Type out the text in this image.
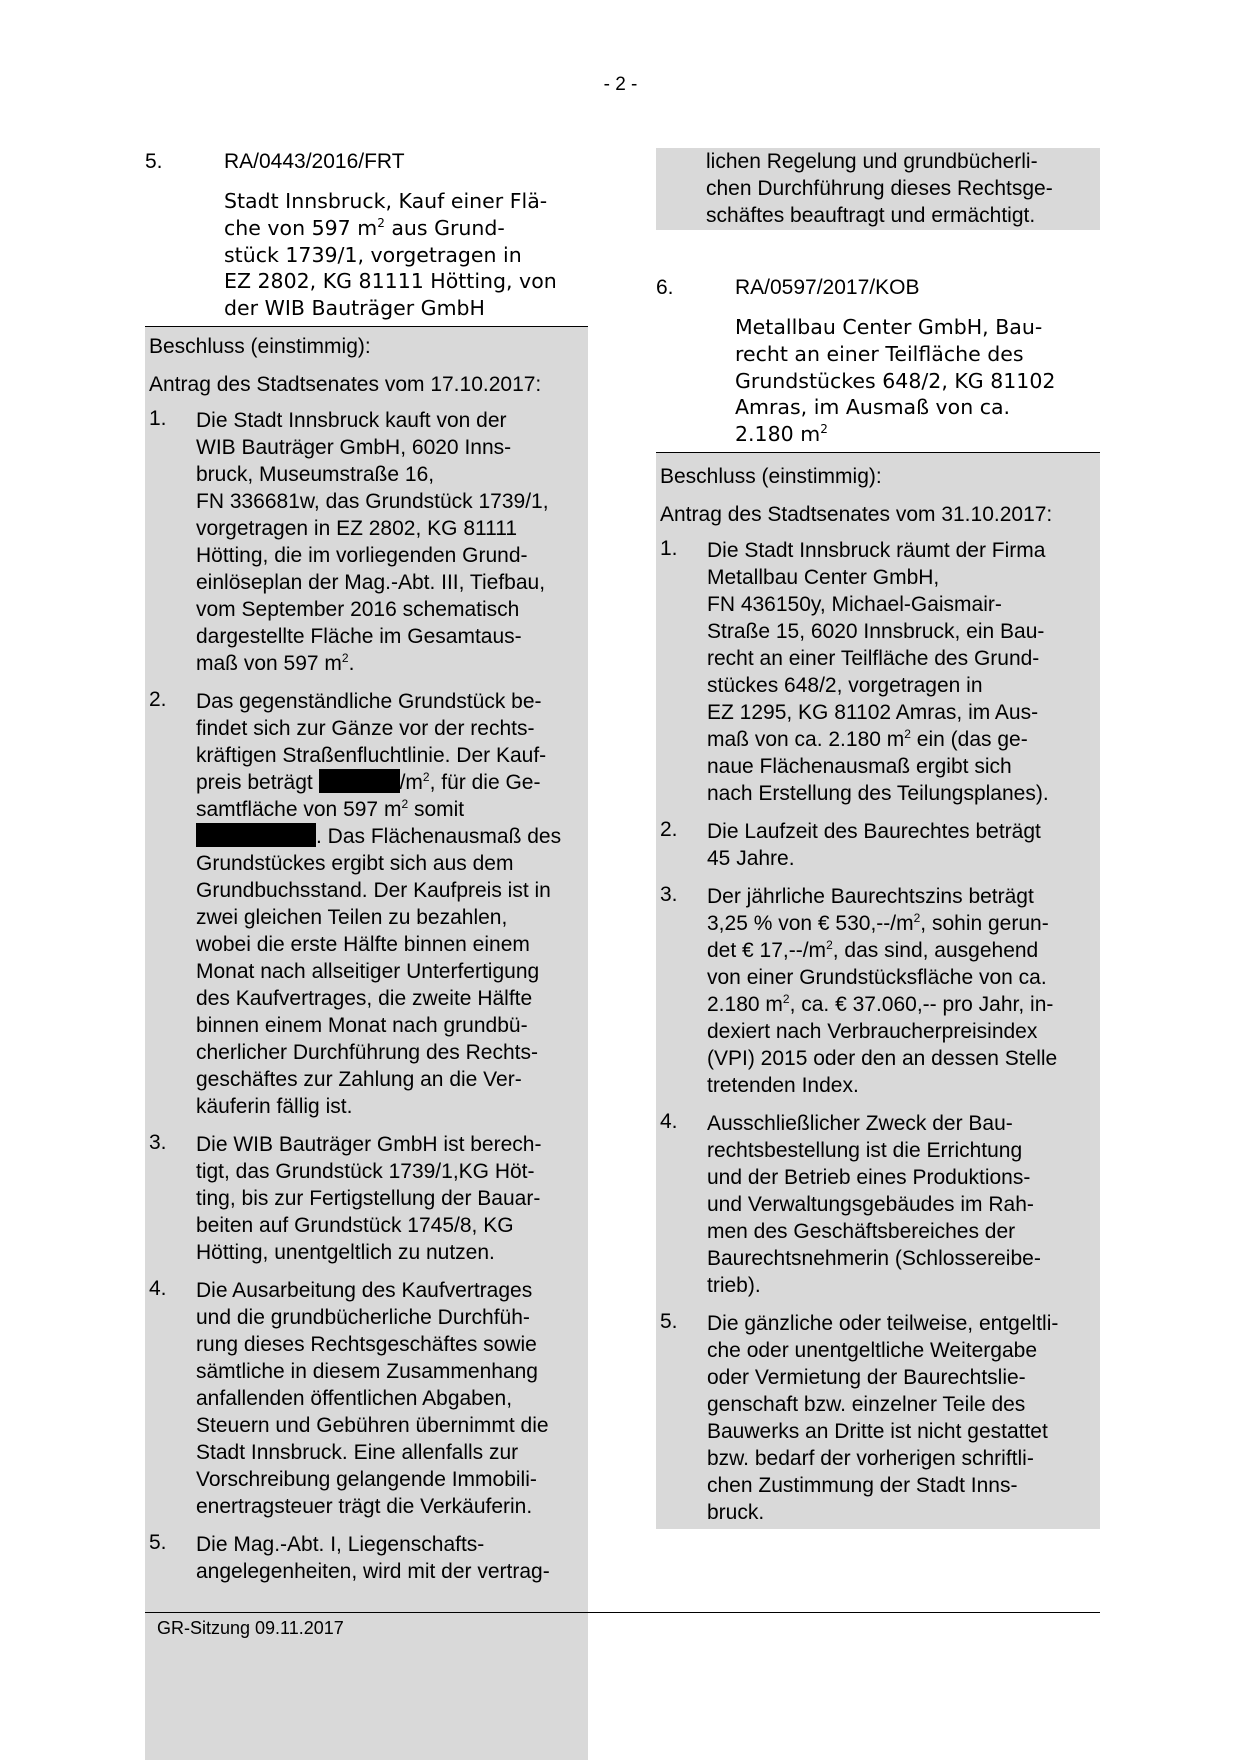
- 2 -
5.	RA/0443/2016/FRT
Stadt Innsbruck, Kauf einer Flä-
che von 597 $m^2$ aus Grund-
stück 1739/1, vorgetragen in
EZ 2802, KG 81111 Hötting, von
der WIB Bauträger GmbH

Beschluss (einstimmig):

Antrag des Stadtsenates vom 17.10.2017:

1.	Die Stadt Innsbruck kauft von der
WIB Bauträger GmbH, 6020 Inns-
bruck, Museumstraße 16,
FN 336681w, das Grundstück 1739/1,
vorgetragen in EZ 2802, KG 81111
Hötting, die im vorliegenden Grund-
einlöseplan der Mag.-Abt. III, Tiefbau,
vom September 2016 schematisch
dargestellte Fläche im Gesamtaus-
maß von 597 $m^2$.
2.	Das gegenständliche Grundstück be-
findet sich zur Gänze vor der rechts-
kräftigen Straßenfluchtlinie. Der Kauf-
preis beträgt	$/m^2$, für die Ge-
samtfläche von 597 $m^2$ somit
. Das Flächenausmaß des
Grundstückes ergibt sich aus dem
Grundbuchsstand. Der Kaufpreis ist in
zwei gleichen Teilen zu bezahlen,
wobei die erste Hälfte binnen einem
Monat nach allseitiger Unterfertigung
des Kaufvertrages, die zweite Hälfte
binnen einem Monat nach grundbü-
cherlicher Durchführung des Rechts-
geschäftes zur Zahlung an die Ver-
käuferin fällig ist.
3.	Die WIB Bauträger GmbH ist berech-
tigt, das Grundstück 1739/1,KG Höt-
ting, bis zur Fertigstellung der Bauar-
beiten auf Grundstück 1745/8, KG
Hötting, unentgeltlich zu nutzen.
4.	Die Ausarbeitung des Kaufvertrages
und die grundbücherliche Durchfüh-
rung dieses Rechtsgeschäftes sowie
sämtliche in diesem Zusammenhang
anfallenden öffentlichen Abgaben,
Steuern und Gebühren übernimmt die
Stadt Innsbruck. Eine allenfalls zur
Vorschreibung gelangende Immobili-
enertragsteuer trägt die Verkäuferin.
5.	Die Mag.-Abt. I, Liegenschafts-
angelegenheiten, wird mit der vertrag-

lichen Regelung und grundbücherli-

chen Durchführung dieses Rechtsge-

schäftes beauftragt und ermächtigt.

6.	RA/0597/2017/KOB
Metallbau Center GmbH, Bau-
recht an einer Teilfläche des
Grundstückes 648/2, KG 81102
Amras, im Ausmaß von ca.
2.180 $m^2$

Beschluss (einstimmig):

Antrag des Stadtsenates vom 31.10.2017:

1.	Die Stadt Innsbruck räumt der Firma
Metallbau Center GmbH,
FN 436150y, Michael-Gaismair-
Straße 15, 6020 Innsbruck, ein Bau-
recht an einer Teilfläche des Grund-
stückes 648/2, vorgetragen in
EZ 1295, KG 81102 Amras, im Aus-
maß von ca. 2.180 $m^2$ ein (das ge-
naue Flächenausmaß ergibt sich
nach Erstellung des Teilungsplanes).
2.	Die Laufzeit des Baurechtes beträgt
45 Jahre.
3.	Der jährliche Baurechtszins beträgt
3,25 % von € $530,--/m^2$, sohin gerun-
det € $17,--/m^2$, das sind, ausgehend
von einer Grundstücksfläche von ca.
2.180 $m^2$, ca. € 37.060,-- pro Jahr, in-
dexiert nach Verbraucherpreisindex
(VPI) 2015 oder den an dessen Stelle
tretenden Index.
4.	Ausschließlicher Zweck der Bau-
rechtsbestellung ist die Errichtung
und der Betrieb eines Produktions-
und Verwaltungsgebäudes im Rah-
men des Geschäftsbereiches der
Baurechtsnehmerin (Schlossereibe-
trieb).
5.	Die gänzliche oder teilweise, entgeltli-
che oder unentgeltliche Weitergabe
oder Vermietung der Baurechtslie-
genschaft bzw. einzelner Teile des
Bauwerks an Dritte ist nicht gestattet
bzw. bedarf der vorherigen schriftli-
chen Zustimmung der Stadt Inns-
bruck.
GR-Sitzung 09.11.2017
